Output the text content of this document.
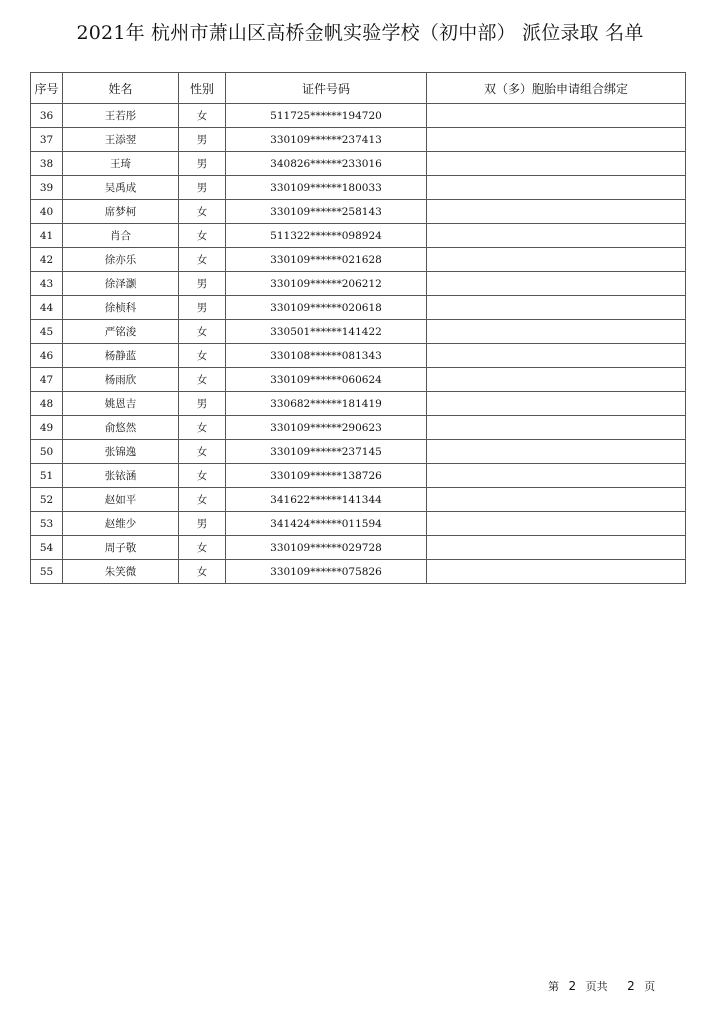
2021年 杭州市萧山区高桥金帆实验学校（初中部） 派位录取 名单
序号	姓名	性别	证件号码	双（多）胞胎申请组合绑定
36	王若彤	女	511725******194720	
37	王添翌	男	330109******237413	
38	王琦	男	340826******233016	
39	吴禹成	男	330109******180033	
40	席梦柯	女	330109******258143	
41	肖合	女	511322******098924	
42	徐亦乐	女	330109******021628	
43	徐泽灏	男	330109******206212	
44	徐桢科	男	330109******020618	
45	严铭浚	女	330501******141422	
46	杨静蓝	女	330108******081343	
47	杨雨欣	女	330109******060624	
48	姚恩吉	男	330682******181419	
49	俞悠然	女	330109******290623	
50	张锦逸	女	330109******237145	
51	张铱涵	女	330109******138726	
52	赵如平	女	341622******141344	
53	赵维少	男	341424******011594	
54	周子敬	女	330109******029728	
55	朱笑微	女	330109******075826	
第 2 页共 2 页
